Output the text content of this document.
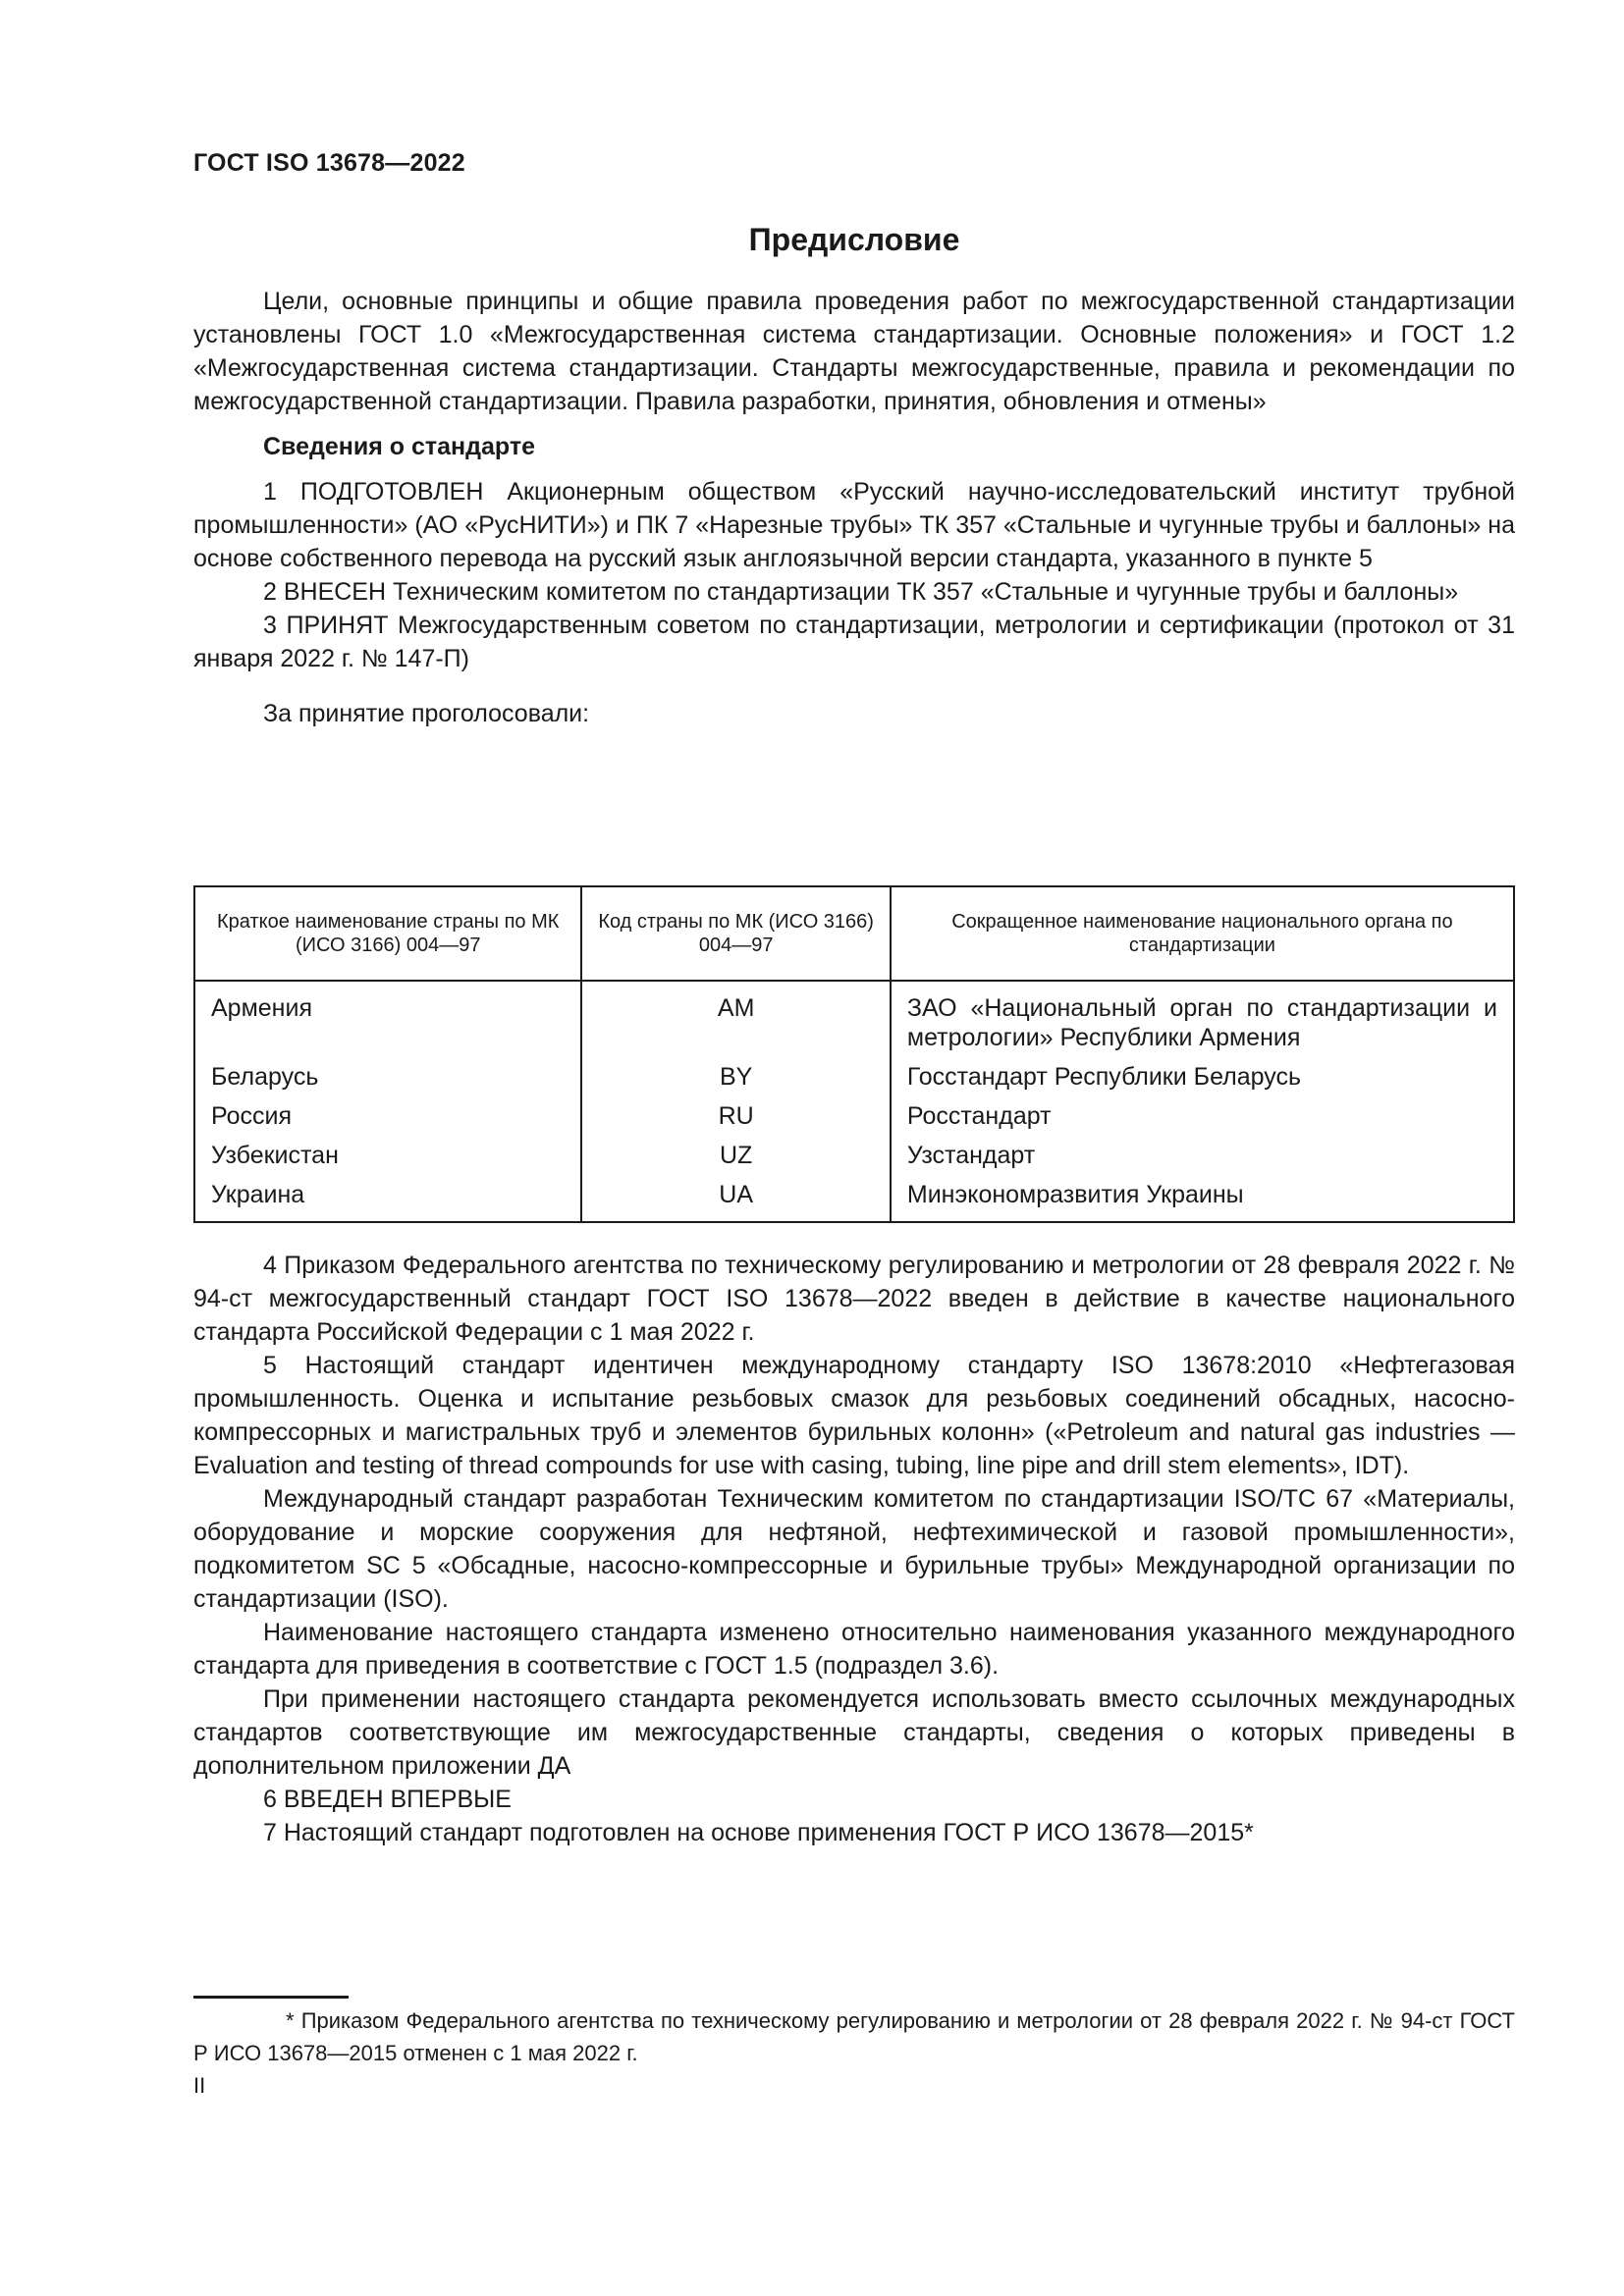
ГОСТ ISO 13678—2022
Предисловие

Цели, основные принципы и общие правила проведения работ по межгосударственной стандартизации установлены ГОСТ 1.0 «Межгосударственная система стандартизации. Основные положения» и ГОСТ 1.2 «Межгосударственная система стандартизации. Стандарты межгосударственные, правила и рекомендации по межгосударственной стандартизации. Правила разработки, принятия, обновления и отмены»

Сведения о стандарте

1 ПОДГОТОВЛЕН Акционерным обществом «Русский научно-исследовательский институт трубной промышленности» (АО «РусНИТИ») и ПК 7 «Нарезные трубы» ТК 357 «Стальные и чугунные трубы и баллоны» на основе собственного перевода на русский язык англоязычной версии стандарта, указанного в пункте 5

2 ВНЕСЕН Техническим комитетом по стандартизации ТК 357 «Стальные и чугунные трубы и баллоны»

3 ПРИНЯТ Межгосударственным советом по стандартизации, метрологии и сертификации (протокол от 31 января 2022 г. № 147-П)

За принятие проголосовали:

Краткое наименование страны по МК (ИСО 3166) 004—97	Код страны по МК (ИСО 3166) 004—97	Сокращенное наименование национального органа по стандартизации
Армения	AM	ЗАО «Национальный орган по стандартизации и метрологии» Республики Армения
Беларусь	BY	Госстандарт Республики Беларусь
Россия	RU	Росстандарт
Узбекистан	UZ	Узстандарт
Украина	UA	Минэкономразвития Украины

4 Приказом Федерального агентства по техническому регулированию и метрологии от 28 февраля 2022 г. № 94-ст межгосударственный стандарт ГОСТ ISO 13678—2022 введен в действие в качестве национального стандарта Российской Федерации с 1 мая 2022 г.

5 Настоящий стандарт идентичен международному стандарту ISO 13678:2010 «Нефтегазовая промышленность. Оценка и испытание резьбовых смазок для резьбовых соединений обсадных, насосно-компрессорных и магистральных труб и элементов бурильных колонн» («Petroleum and natural gas industries — Evaluation and testing of thread compounds for use with casing, tubing, line pipe and drill stem elements», IDT).

Международный стандарт разработан Техническим комитетом по стандартизации ISO/TC 67 «Материалы, оборудование и морские сооружения для нефтяной, нефтехимической и газовой промышленности», подкомитетом SC 5 «Обсадные, насосно-компрессорные и бурильные трубы» Международной организации по стандартизации (ISO).

Наименование настоящего стандарта изменено относительно наименования указанного международного стандарта для приведения в соответствие с ГОСТ 1.5 (подраздел 3.6).

При применении настоящего стандарта рекомендуется использовать вместо ссылочных международных стандартов соответствующие им межгосударственные стандарты, сведения о которых приведены в дополнительном приложении ДА

6 ВВЕДЕН ВПЕРВЫЕ

7 Настоящий стандарт подготовлен на основе применения ГОСТ Р ИСО 13678—2015*

* Приказом Федерального агентства по техническому регулированию и метрологии от 28 февраля 2022 г. № 94-ст ГОСТ Р ИСО 13678—2015 отменен с 1 мая 2022 г.

II
